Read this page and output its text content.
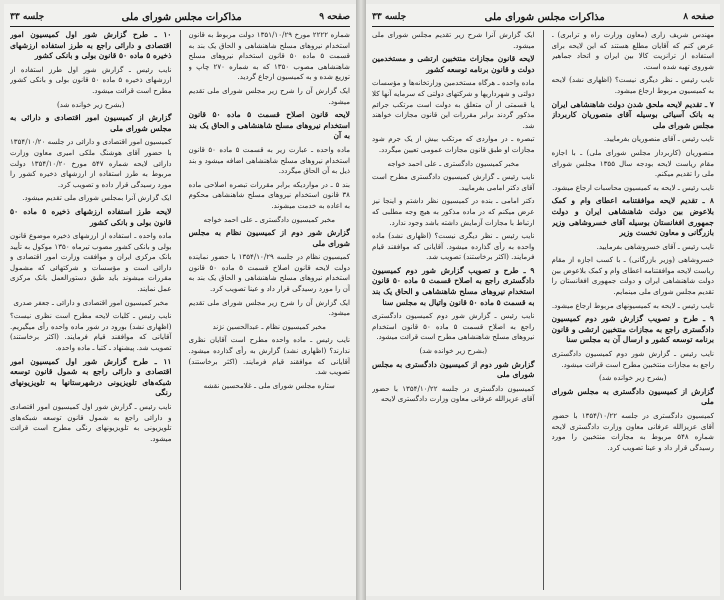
صفحه ۹
مذاکرات مجلس شورای ملی
جلسه ۳۳

شماره ۲۲۲۲ مورخ ۱۳۵۱/۱۰/۲۹ دولت مربوط به قانون استخدام نیروهای مسلح شاهنشاهی و الحاق یک بند به قسمت ۵ ماده ۵۰ قانون استخدام نیروهای مسلح شاهنشاهی مصوب ۱۳۵۰ که به شماره ۲۷۰ چاپ و توزیع شده و به کمیسیون ارجاع گردید.

ایک گزارش آن را شرح زیر مجلس شورای ملی تقدیم میشود.

لایحه قانون اصلاح قسمت ۵ ماده ۵۰ قانون استخدام نیروهای مسلح شاهنشاهی و الحاق یک بند به آن

ماده واحده ـ عبارت زیر به قسمت ۵ ماده ۵۰ قانون استخدام نیروهای مسلح شاهنشاهی اضافه میشود و بند ذیل به آن الحاق میگردد.

بند ۵ ـ در مواردیکه برابر مقررات تبصره اصلاحی ماده ۳۸ قانون استخدام نیروهای مسلح شاهنشاهی محکوم به اعاده به خدمت میشوند.

مخبر کمیسیون دادگستری ـ علی احمد خواجه

گزارش شور دوم از کمیسیون نظام به مجلس شورای ملی

کمیسیون نظام در جلسه ۱۳۵۴/۱۰/۲۹ با حضور نماینده دولت لایحه قانون اصلاح قسمت ۵ ماده ۵۰ قانون استخدام نیروهای مسلح شاهنشاهی و الحاق یک بند به آن را مورد رسیدگی قرار داد و عینا تصویب کرد.

ایک گزارش آن را شرح زیر مجلس شورای ملی تقدیم میشود.

مخبر کمیسیون نظام ـ عبدالحسین نژند

نایب رئیس ـ ماده واحده مطرح است آقایان نظری ندارند؟ (اظهاری نشد) گزارش به رأی گذارده میشود. آقایانی که موافقند قیام فرمایند. (اکثر برخاستند) تصویب شد.

ستاره مجلس شورای ملی ـ غلامحسین نقشه

۱۰ ـ طرح گزارش شور اول کمیسیون امور اقتصادی و دارائی راجع به طرز استفاده ارزشهای ذخیره ۵ ماده ۵۰ قانون بولی و بانکی کشور

نایب رئیس ـ گزارش شور اول طرز استفاده از ارزشهای ذخیره ۵ ماده ۵۰ قانون بولی و بانکی کشور مطرح است قرائت میشود.

(بشرح زیر خوانده شد)

گزارش از کمیسیون امور اقتصادی و دارائی به مجلس شورای ملی

کمیسیون امور اقتصادی و دارائی در جلسه ۱۳۵۴/۱۰/۲۰ با حضور آقای هوشنگ ملکی امیری معاون وزارت دارائی لایحه شماره ۵۴۷ مورخ ۱۳۵۴/۱۰/۲۰ دولت مربوط به طرز استفاده از ارزشهای ذخیره کشور را مورد رسیدگی قرار داده و تصویب کرد.

ایک گزارش آنرا بمجلس شورای ملی تقدیم میشود.

لایحه طرز استفاده ارزشهای ذخیره ۵ ماده ۵۰ قانون بولی و بانکی کشور

ماده واحده ـ استفاده از ارزشهای ذخیره موضوع قانون بولی و بانکی کشور مصوب تیرماه ۱۳۵۰ موکول به تأیید بانک مرکزی ایران و موافقت وزارت امور اقتصادی و دارائی است و مؤسسات و شرکتهائی که مشمول مقررات میشوند باید طبق دستورالعمل بانک مرکزی عمل نمایند.

مخبر کمیسیون امور اقتصادی و دارائی ـ جعفر صدری

نایب رئیس ـ کلیات لایحه مطرح است نظری نیست؟ (اظهاری نشد) بورود در شور ماده واحده رأی میگیریم. آقایانی که موافقند قیام فرمایند. (اکثر برخاستند) تصویب شد. پیشنهاد ـ کتبا ـ ماده واحده.

۱۱ ـ طرح گزارش شور اول کمیسیون امور اقتصادی و دارائی راجع به شمول قانون توسعه شبکه‌های تلویزیونی درشهرستانها به تلویزیونهای رنگی

نایب رئیس ـ گزارش شور اول کمیسیون امور اقتصادی و دارائی راجع به شمول قانون توسعه شبکه‌های تلویزیونی به تلویزیونهای رنگی مطرح است قرائت میشود.

صفحه ۸
مذاکرات مجلس شورای ملی
جلسه ۳۳

مهندس شریف زاری (معاون وزارت راه و ترابری) ـ عرض کنم که آقایان مطلع هستند که این لایحه برای استفاده از ترانزیت کالا بین ایران و اتحاد جماهیر شوروی تهیه شده است.

نایب رئیس ـ نظر دیگری نیست؟ (اظهاری نشد) لایحه به کمیسیون مربوط ارجاع میشود.

۷ ـ تقدیم لایحه ملحق شدن دولت شاهنشاهی ایران به بانک آسیائی بوسیله آقای منصوریان کاربرداز مجلس شورای ملی

نایب رئیس ـ آقای منصوریان بفرمایید.

منصوریان (کاربرداز مجلس شورای ملی) ـ با اجازه مقام ریاست لایحه بودجه سال ۱۳۵۵ مجلس شورای ملی را تقدیم میکنم.

نایب رئیس ـ لایحه به کمیسیون محاسبات ارجاع میشود.

۸ ـ تقدیم لایحه موافقتنامه اعطای وام و کمک بلاعوض بین دولت شاهنشاهی ایران و دولت جمهوری افغانستان بوسیله آقای خسروشاهی وزیر بازرگانی و معاون نخست وزیر

نایب رئیس ـ آقای خسروشاهی بفرمایید.

خسروشاهی (وزیر بازرگانی) ـ با کسب اجازه از مقام ریاست لایحه موافقتنامه اعطای وام و کمک بلاعوض بین دولت شاهنشاهی ایران و دولت جمهوری افغانستان را تقدیم مجلس شورای ملی مینمایم.

نایب رئیس ـ لایحه به کمیسیونهای مربوط ارجاع میشود.

۹ ـ طرح و تصویب گزارش شور دوم کمیسیون دادگستری راجع به مجازات منتخبین ارتشی و قانون برنامه توسعه کشور و ارسال آن به مجلس سنا

نایب رئیس ـ گزارش شور دوم کمیسیون دادگستری راجع به مجازات منتخبین مطرح است قرائت میشود.

(بشرح زیر خوانده شد)

گزارش از کمیسیون دادگستری به مجلس شورای ملی

کمیسیون دادگستری در جلسه ۱۳۵۴/۱۰/۲۲ با حضور آقای عزیزالله عرفانی معاون وزارت دادگستری لایحه شماره ۵۴۸ مربوط به مجازات منتخبین را مورد رسیدگی قرار داد و عینا تصویب کرد.

ایک گزارش آنرا شرح زیر تقدیم مجلس شورای ملی میشود.

لایحه قانون مجازات منتخبین ارتشی و مستخدمین دولت و قانون برنامه توسعه کشور

ماده واحده ـ هرگاه مستخدمین وزارتخانه‌ها و مؤسسات دولتی و شهرداریها و شرکتهای دولتی که سرمایه آنها کلا یا قسمتی از آن متعلق به دولت است مرتکب جرائم مذکور گردند برابر مقررات این قانون مجازات خواهند شد.

تبصره ـ در مواردی که مرتکب بیش از یک جرم شود مجازات او طبق قانون مجازات عمومی تعیین میگردد.

مخبر کمیسیون دادگستری ـ علی احمد خواجه

نایب رئیس ـ گزارش کمیسیون دادگستری مطرح است آقای دکتر امامی بفرمایید.

دکتر امامی ـ بنده در کمیسیون نظر داشتم و اینجا نیز عرض میکنم که در ماده مذکور به هیچ وجه مطلبی که ارتباط با مجازات آزمایش داشته باشد وجود ندارد.

نایب رئیس ـ نظر دیگری نیست؟ (اظهاری نشد) ماده واحده به رأی گذارده میشود. آقایانی که موافقند قیام فرمایند. (اکثر برخاستند) تصویب شد.

۹ ـ طرح و تصویب گزارش شور دوم کمیسیون دادگستری راجع به اصلاح قسمت ۵ ماده ۵۰ قانون استخدام نیروهای مسلح شاهنشاهی و الحاق یک بند به قسمت ۵ ماده ۵۰ قانون واتیال به مجلس سنا

نایب رئیس ـ گزارش شور دوم کمیسیون دادگستری راجع به اصلاح قسمت ۵ ماده ۵۰ قانون استخدام نیروهای مسلح شاهنشاهی مطرح است قرائت میشود.

(بشرح زیر خوانده شد)

گزارش شور دوم از کمیسیون دادگستری به مجلس شورای ملی

کمیسیون دادگستری در جلسه ۱۳۵۴/۱۰/۲۲ با حضور آقای عزیزالله عرفانی معاون وزارت دادگستری لایحه
